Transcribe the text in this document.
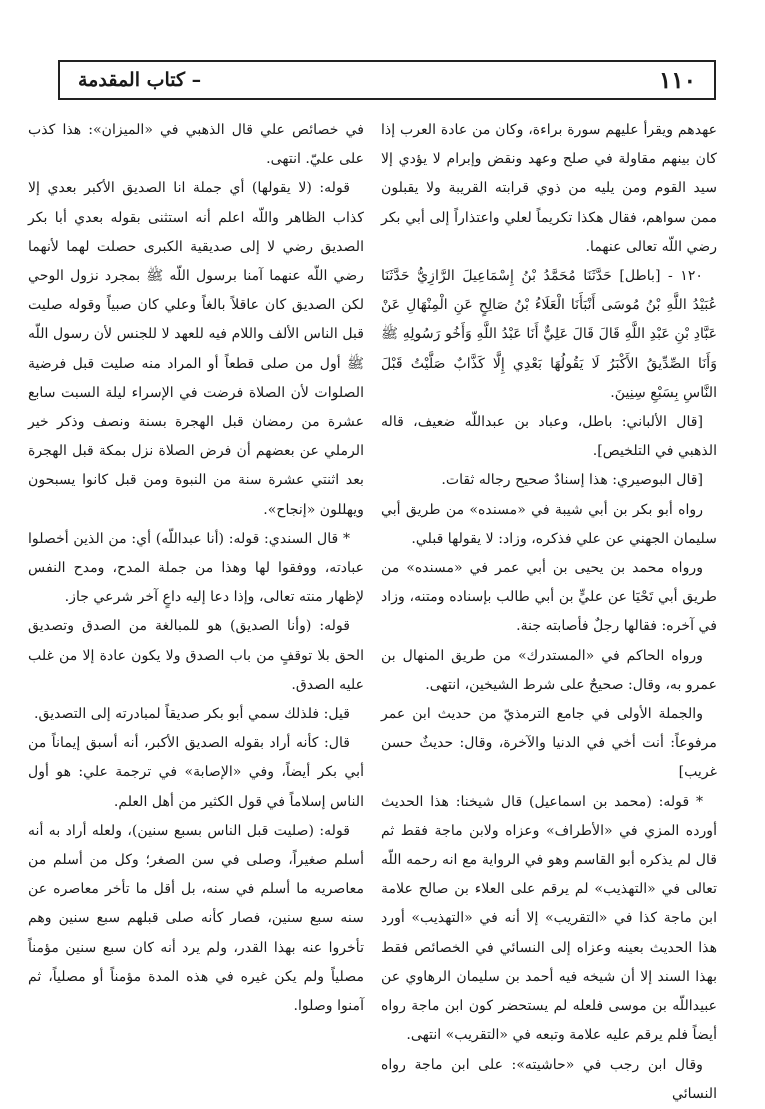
١١٠
– كتاب المقدمة

عهدهم ويقرأ عليهم سورة براءة، وكان من عادة العرب إذا كان بينهم مقاولة في صلح وعهد ونقض وإبرام لا يؤدي إلا سيد القوم ومن يليه من ذوي قرابته القريبة ولا يقبلون ممن سواهم، فقال هكذا تكريماً لعلي واعتذاراً إلى أبي بكر رضي اللّه تعالى عنهما.

١٢٠ - [باطل] حَدَّثَنَا مُحَمَّدُ بْنُ إِسْمَاعِيلَ الرَّازِيُّ حَدَّثَنَا عُبَيْدُ اللَّهِ بْنُ مُوسَى أَنْبَأَنَا الْعَلَاءُ بْنُ صَالِحٍ عَنِ الْمِنْهَالِ عَنْ عَبَّادِ بْنِ عَبْدِ اللَّهِ قَالَ قَالَ عَلِيٌّ أَنَا عَبْدُ اللَّهِ وَأَخُو رَسُولِهِ ﷺ وَأَنَا الصِّدِّيقُ الأَكْبَرُ لَا يَقُولُهَا بَعْدِي إِلَّا كَذَّابٌ صَلَّيْتُ قَبْلَ النَّاسِ بِسَبْعِ سِنِينَ.

[قال الألباني: باطل، وعباد بن عبداللّه ضعيف، قاله الذهبي في التلخيص].

[قال البوصيري: هذا إسنادٌ صحيح رجاله ثقات.

رواه أبو بكر بن أبي شيبة في «مسنده» من طريق أبي سليمان الجهني عن علي فذكره، وزاد: لا يقولها قبلي.

ورواه محمد بن يحيى بن أبي عمر في «مسنده» من طريق أبي تَحْيَا عن عليٍّ بن أبي طالب بإسناده ومتنه، وزاد في آخره: فقالها رجلٌ فأصابته جنة.

ورواه الحاكم في «المستدرك» من طريق المنهال بن عمرو به، وقال: صحيحٌ على شرط الشيخين، انتهى.

والجملة الأولى في جامع الترمذيّ من حديث ابن عمر مرفوعاً: أنت أخي في الدنيا والآخرة، وقال: حديثٌ حسن غريب]

* قوله: (محمد بن اسماعيل) قال شيخنا: هذا الحديث أورده المزي في «الأطراف» وعزاه ولابن ماجة فقط ثم قال لم يذكره أبو القاسم وهو في الرواية مع انه رحمه اللّه تعالى في «التهذيب» لم يرقم على العلاء بن صالح علامة ابن ماجة كذا في «التقريب» إلا أنه في «التهذيب» أورد هذا الحديث بعينه وعزاه إلى النسائي في الخصائص فقط بهذا السند إلا أن شيخه فيه أحمد بن سليمان الرهاوي عن عبيداللّه بن موسى فلعله لم يستحضر كون ابن ماجة رواه أيضاً فلم يرقم عليه علامة وتبعه في «التقريب» انتهى.

وقال ابن رجب في «حاشيته»: على ابن ماجة رواه النسائي

في خصائص علي قال الذهبي في «الميزان»: هذا كذب على عليّ. انتهى.

قوله: (لا يقولها) أي جملة انا الصديق الأكبر بعدي إلا كذاب الظاهر واللّه اعلم أنه استثنى بقوله بعدي أبا بكر الصديق رضي لا إلى صديقية الكبرى حصلت لهما لأنهما رضي اللّه عنهما آمنا برسول اللّه ﷺ بمجرد نزول الوحي لكن الصديق كان عاقلاً بالغاً وعلي كان صبياً وقوله صليت قبل الناس الألف واللام فيه للعهد لا للجنس لأن رسول اللّه ﷺ أول من صلى قطعاً أو المراد منه صليت قبل فرضية الصلوات لأن الصلاة فرضت في الإسراء ليلة السبت سابع عشرة من رمضان قبل الهجرة بسنة ونصف وذكر خير الرملي عن بعضهم أن فرض الصلاة نزل بمكة قبل الهجرة بعد اثنتي عشرة سنة من النبوة ومن قبل كانوا يسبحون ويهللون «إنجاح».

* قال السندي: قوله: (أنا عبداللّه) أي: من الذين أخصلوا عبادته، ووفقوا لها وهذا من جملة المدح، ومدح النفس لإظهار منته تعالى، وإذا دعا إليه داعٍ آخر شرعي جاز.

قوله: (وأنا الصديق) هو للمبالغة من الصدق وتصديق الحق بلا توقفٍ من باب الصدق ولا يكون عادة إلا من غلب عليه الصدق.

قيل: فلذلك سمي أبو بكر صديقاً لمبادرته إلى التصديق.

قال: كأنه أراد بقوله الصديق الأكبر، أنه أسبق إيماناً من أبي بكر أيضاً، وفي «الإصابة» في ترجمة علي: هو أول الناس إسلاماً في قول الكثير من أهل العلم.

قوله: (صليت قبل الناس بسبع سنين)، ولعله أراد به أنه أسلم صغيراً، وصلى في سن الصغر؛ وكل من أسلم من معاصريه ما أسلم في سنه، بل أقل ما تأخر معاصره عن سنه سبع سنين، فصار كأنه صلى قبلهم سبع سنين وهم تأخروا عنه بهذا القدر، ولم يرد أنه كان سبع سنين مؤمناً مصلياً ولم يكن غيره في هذه المدة مؤمناً أو مصلياً، ثم آمنوا وصلوا.
